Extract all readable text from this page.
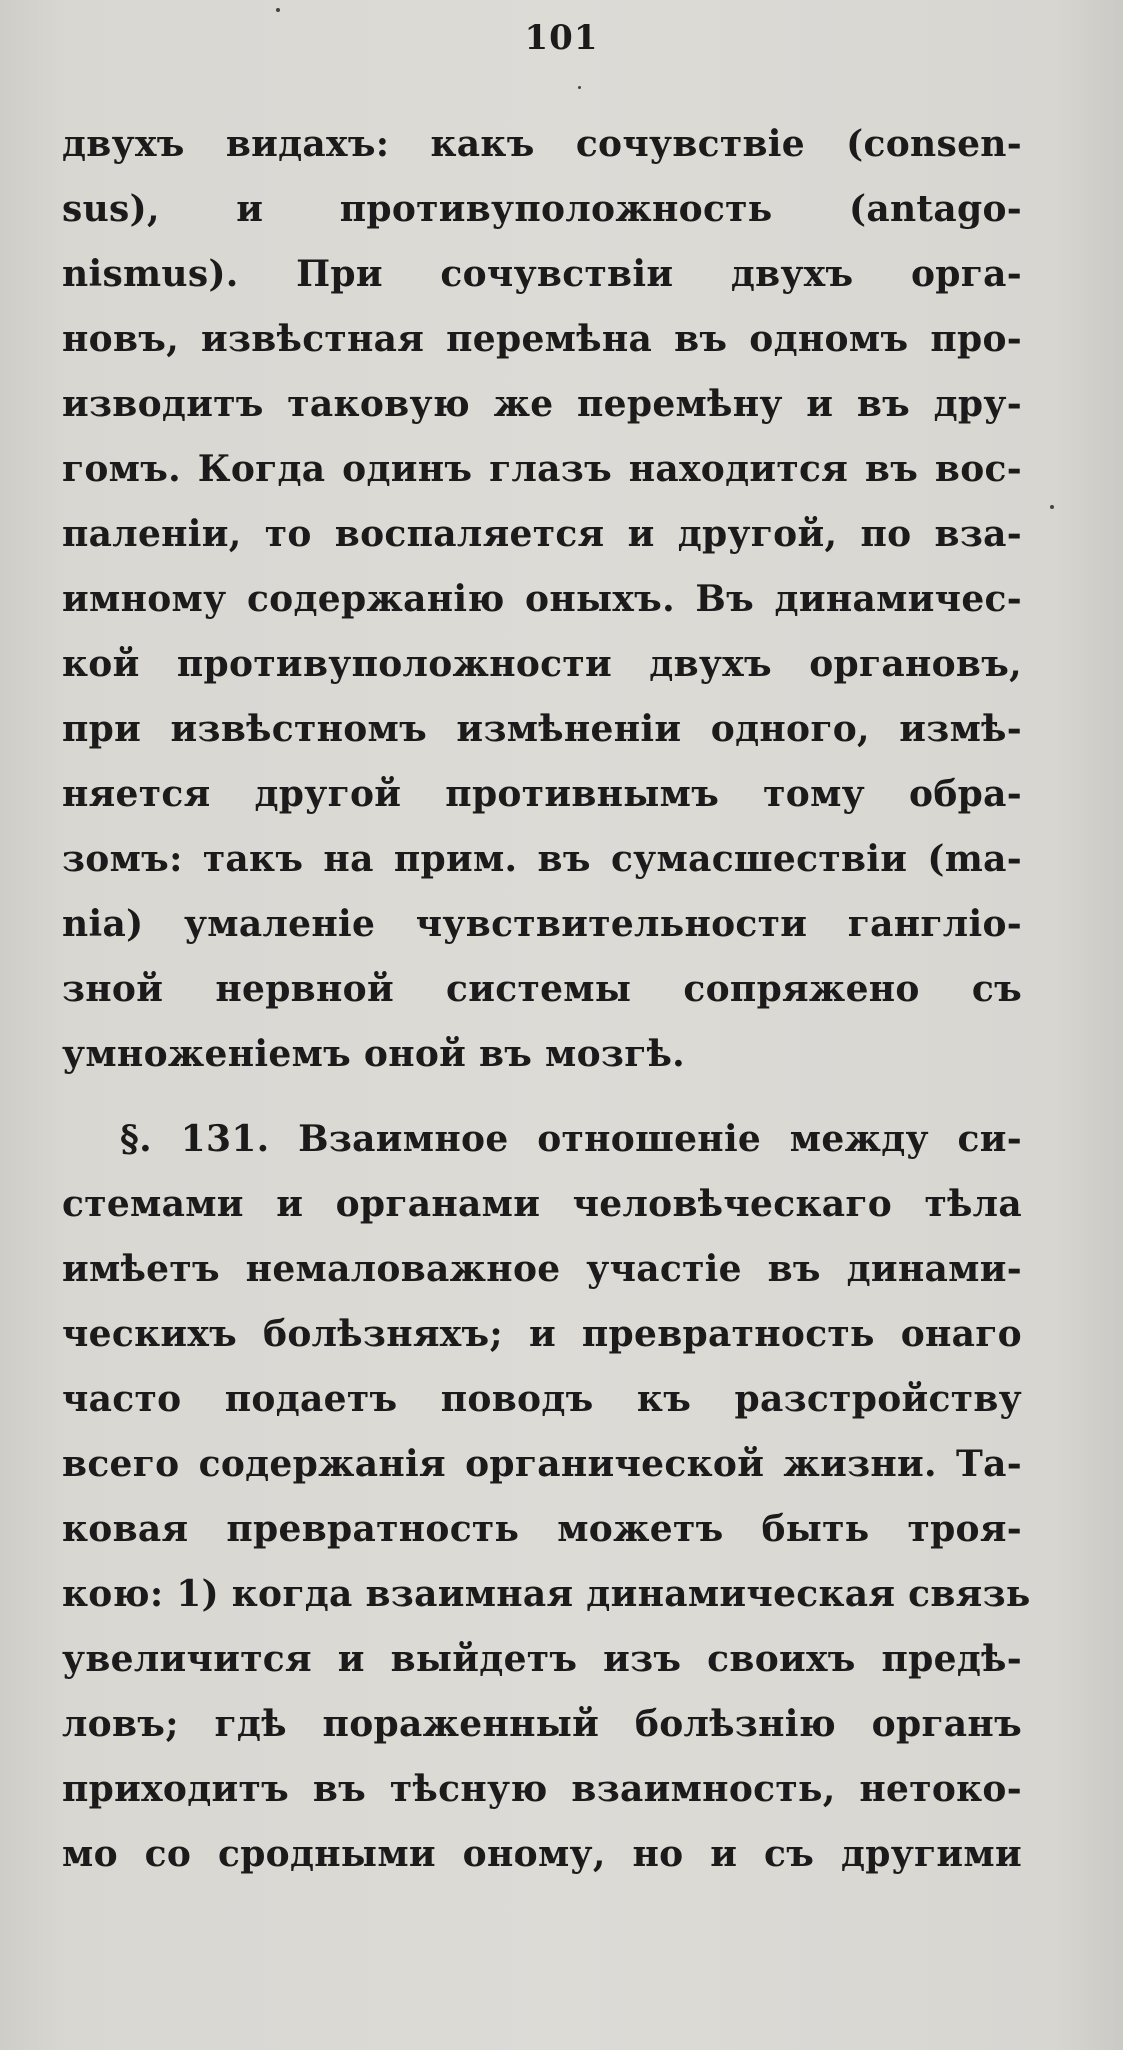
101
двухъ видахъ: какъ сочувствіе (consen-
sus), и противуположность (antago-
nismus). При сочувствіи двухъ орга-
новъ, извѣстная перемѣна въ одномъ про-
изводитъ таковую же перемѣну и въ дру-
гомъ. Когда одинъ глазъ находится въ вос-
паленіи, то воспаляется и другой, по вза-
имному содержанію оныхъ. Въ динамичес-
кой противуположности двухъ органовъ,
при извѣстномъ измѣненіи одного, измѣ-
няется другой противнымъ тому обра-
зомъ: такъ на прим. въ сумасшествіи (ma-
nia) умаленіе чувствительности гангліо-
зной нервной системы сопряжено съ
умноженіемъ оной въ мозгѣ.
§. 131. Взаимное отношеніе между си-
стемами и органами человѣческаго тѣла
имѣетъ немаловажное участіе въ динами-
ческихъ болѣзняхъ; и превратность онаго
часто подаетъ поводъ къ разстройству
всего содержанія органической жизни. Та-
ковая превратность можетъ быть троя-
кою: 1) когда взаимная динамическая связь
увеличится и выйдетъ изъ своихъ предѣ-
ловъ; гдѣ пораженный болѣзнію органъ
приходитъ въ тѣсную взаимность, нетоко-
мо со сродными оному, но и съ другими
